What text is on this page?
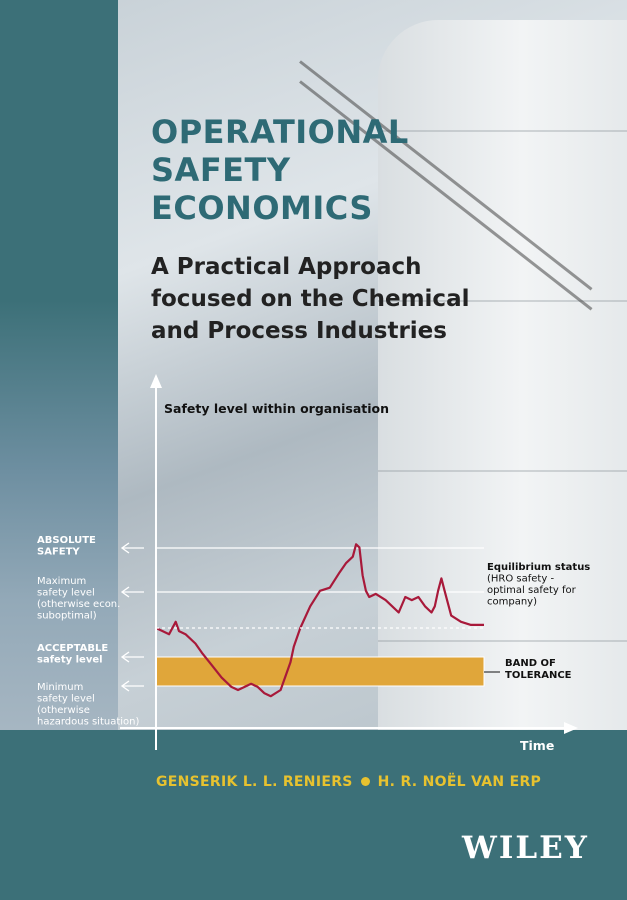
OPERATIONAL
SAFETY
ECONOMICS
A Practical Approach
focused on the Chemical
and Process Industries
ABSOLUTE SAFETY
Maximum safety level (otherwise econ. suboptimal)
ACCEPTABLE safety level
Minimum safety level (otherwise hazardous situation)
Equilibrium status (HRO safety -optimal safety for company)
BAND OF TOLERANCE
Safety level within organisation
Time
GENSERIK L. L. RENIERS H. R. NOËL VAN ERP
WILEY
